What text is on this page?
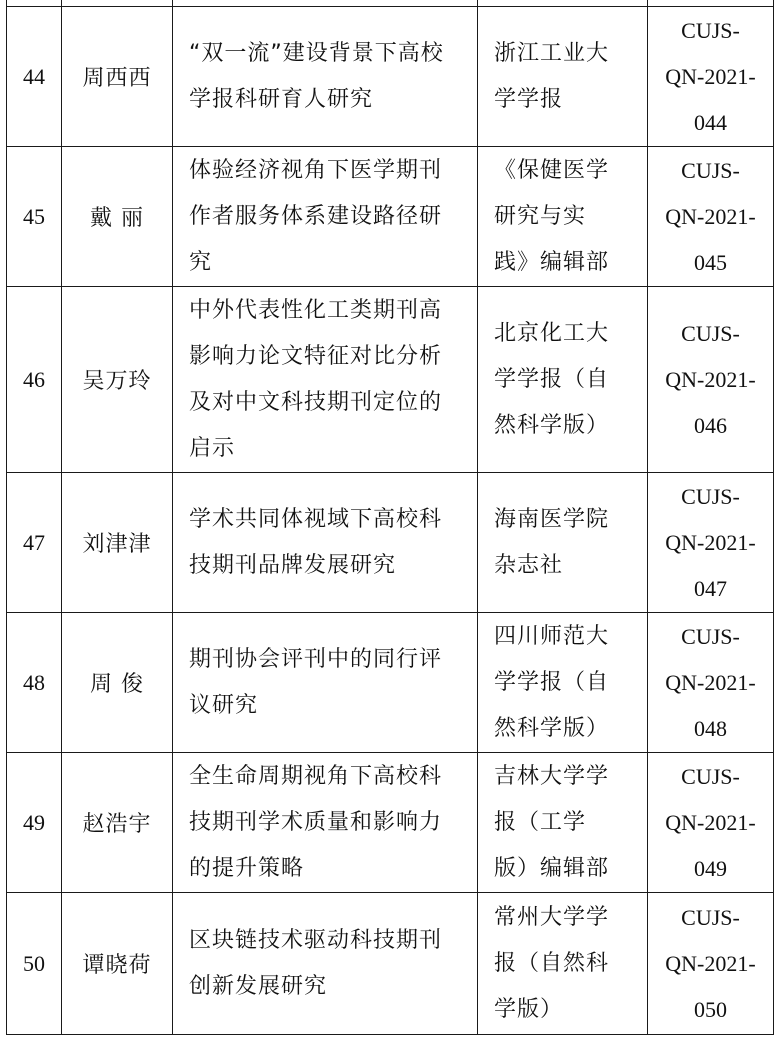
44	周西西	“双一流”建设背景下高校
学报科研育人研究	浙江工业大
学学报	CUJS-
QN-2021-
044
45	戴 丽	体验经济视角下医学期刊
作者服务体系建设路径研
究	《保健医学
研究与实
践》编辑部	CUJS-
QN-2021-
045
46	吴万玲	中外代表性化工类期刊高
影响力论文特征对比分析
及对中文科技期刊定位的
启示	北京化工大
学学报（自
然科学版）	CUJS-
QN-2021-
046
47	刘津津	学术共同体视域下高校科
技期刊品牌发展研究	海南医学院
杂志社	CUJS-
QN-2021-
047
48	周 俊	期刊协会评刊中的同行评
议研究	四川师范大
学学报（自
然科学版）	CUJS-
QN-2021-
048
49	赵浩宇	全生命周期视角下高校科
技期刊学术质量和影响力
的提升策略	吉林大学学
报（工学
版）编辑部	CUJS-
QN-2021-
049
50	谭晓荷	区块链技术驱动科技期刊
创新发展研究	常州大学学
报（自然科
学版）	CUJS-
QN-2021-
050
